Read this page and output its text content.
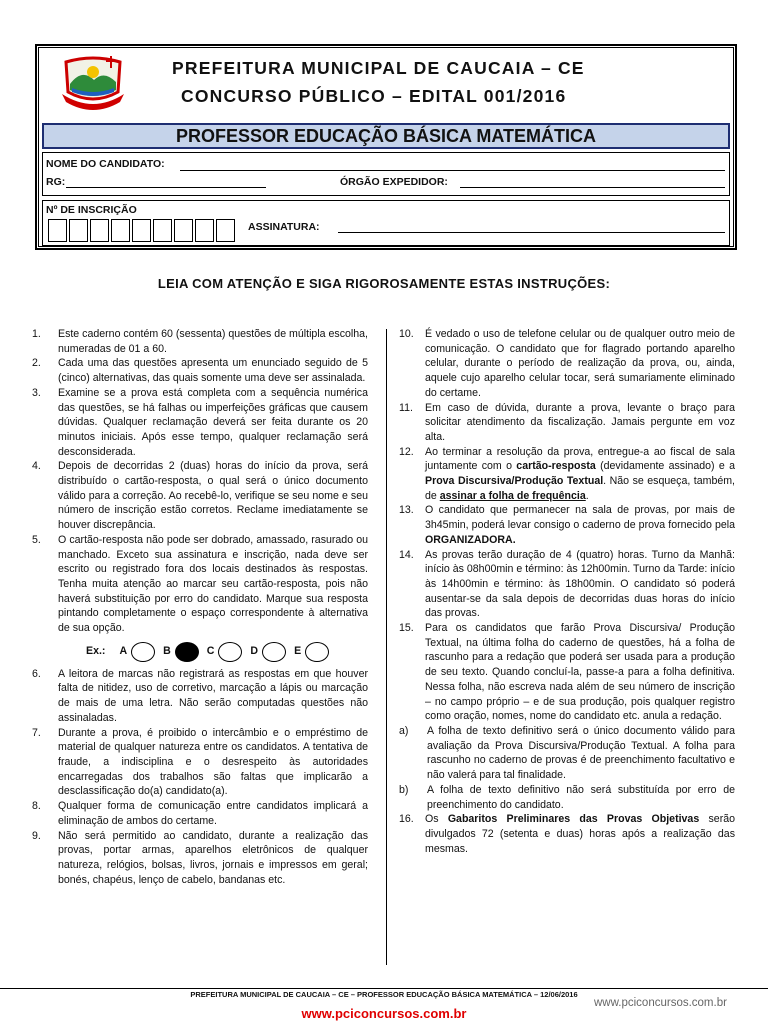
PREFEITURA MUNICIPAL DE CAUCAIA – CE
CONCURSO PÚBLICO – EDITAL 001/2016
PROFESSOR EDUCAÇÃO BÁSICA MATEMÁTICA
NOME DO CANDIDATO:
RG:	ÓRGÃO EXPEDIDOR:
Nº DE INSCRIÇÃO
ASSINATURA:
LEIA COM ATENÇÃO E SIGA RIGOROSAMENTE ESTAS INSTRUÇÕES:
1. Este caderno contém 60 (sessenta) questões de múltipla escolha, numeradas de 01 a 60.
2. Cada uma das questões apresenta um enunciado seguido de 5 (cinco) alternativas, das quais somente uma deve ser assinalada.
3. Examine se a prova está completa com a sequência numérica das questões, se há falhas ou imperfeições gráficas que causem dúvidas. Qualquer reclamação deverá ser feita durante os 20 minutos iniciais. Após esse tempo, qualquer reclamação será desconsiderada.
4. Depois de decorridas 2 (duas) horas do início da prova, será distribuído o cartão-resposta, o qual será o único documento válido para a correção. Ao recebê-lo, verifique se seu nome e seu número de inscrição estão corretos. Reclame imediatamente se houver discrepância.
5. O cartão-resposta não pode ser dobrado, amassado, rasurado ou manchado. Exceto sua assinatura e inscrição, nada deve ser escrito ou registrado fora dos locais destinados às respostas. Tenha muita atenção ao marcar seu cartão-resposta, pois não haverá substituição por erro do candidato. Marque sua resposta pintando completamente o espaço correspondente à alternativa de sua opção.
Ex.: A	B	C	D	E
6. A leitora de marcas não registrará as respostas em que houver falta de nitidez, uso de corretivo, marcação a lápis ou marcação de mais de uma letra. Não serão computadas questões não assinaladas.
7. Durante a prova, é proibido o intercâmbio e o empréstimo de material de qualquer natureza entre os candidatos. A tentativa de fraude, a indisciplina e o desrespeito às autoridades encarregadas dos trabalhos são faltas que implicarão a desclassificação do(a) candidato(a).
8. Qualquer forma de comunicação entre candidatos implicará a eliminação de ambos do certame.
9. Não será permitido ao candidato, durante a realização das provas, portar armas, aparelhos eletrônicos de qualquer natureza, relógios, bolsas, livros, jornais e impressos em geral; bonés, chapéus, lenço de cabelo, bandanas etc.
10. É vedado o uso de telefone celular ou de qualquer outro meio de comunicação. O candidato que for flagrado portando aparelho celular, durante o período de realização da prova, ou, ainda, aquele cujo aparelho celular tocar, será sumariamente eliminado do certame.
11. Em caso de dúvida, durante a prova, levante o braço para solicitar atendimento da fiscalização. Jamais pergunte em voz alta.
12. Ao terminar a resolução da prova, entregue-a ao fiscal de sala juntamente com o cartão-resposta (devidamente assinado) e a Prova Discursiva/Produção Textual. Não se esqueça, também, de assinar a folha de frequência.
13. O candidato que permanecer na sala de provas, por mais de 3h45min, poderá levar consigo o caderno de prova fornecido pela ORGANIZADORA.
14. As provas terão duração de 4 (quatro) horas. Turno da Manhã: início às 08h00min e término: às 12h00min. Turno da Tarde: início às 14h00min e término: às 18h00min. O candidato só poderá ausentar-se da sala depois de decorridas duas horas do início das provas.
15. Para os candidatos que farão Prova Discursiva/ Produção Textual, na última folha do caderno de questões, há a folha de rascunho para a redação que poderá ser usada para a produção de seu texto. Quando concluí-la, passe-a para a folha definitiva. Nessa folha, não escreva nada além de seu número de inscrição – no campo próprio – e de sua produção, pois qualquer registro como oração, nomes, nome do candidato etc. anula a redação.
a) A folha de texto definitivo será o único documento válido para avaliação da Prova Discursiva/Produção Textual. A folha para rascunho no caderno de provas é de preenchimento facultativo e não valerá para tal finalidade.
b) A folha de texto definitivo não será substituída por erro de preenchimento do candidato.
16. Os Gabaritos Preliminares das Provas Objetivas serão divulgados 72 (setenta e duas) horas após a realização das mesmas.
PREFEITURA MUNICIPAL DE CAUCAIA – CE – PROFESSOR EDUCAÇÃO BÁSICA MATEMÁTICA – 12/06/2016
www.pciconcursos.com.br
www.pciconcursos.com.br
